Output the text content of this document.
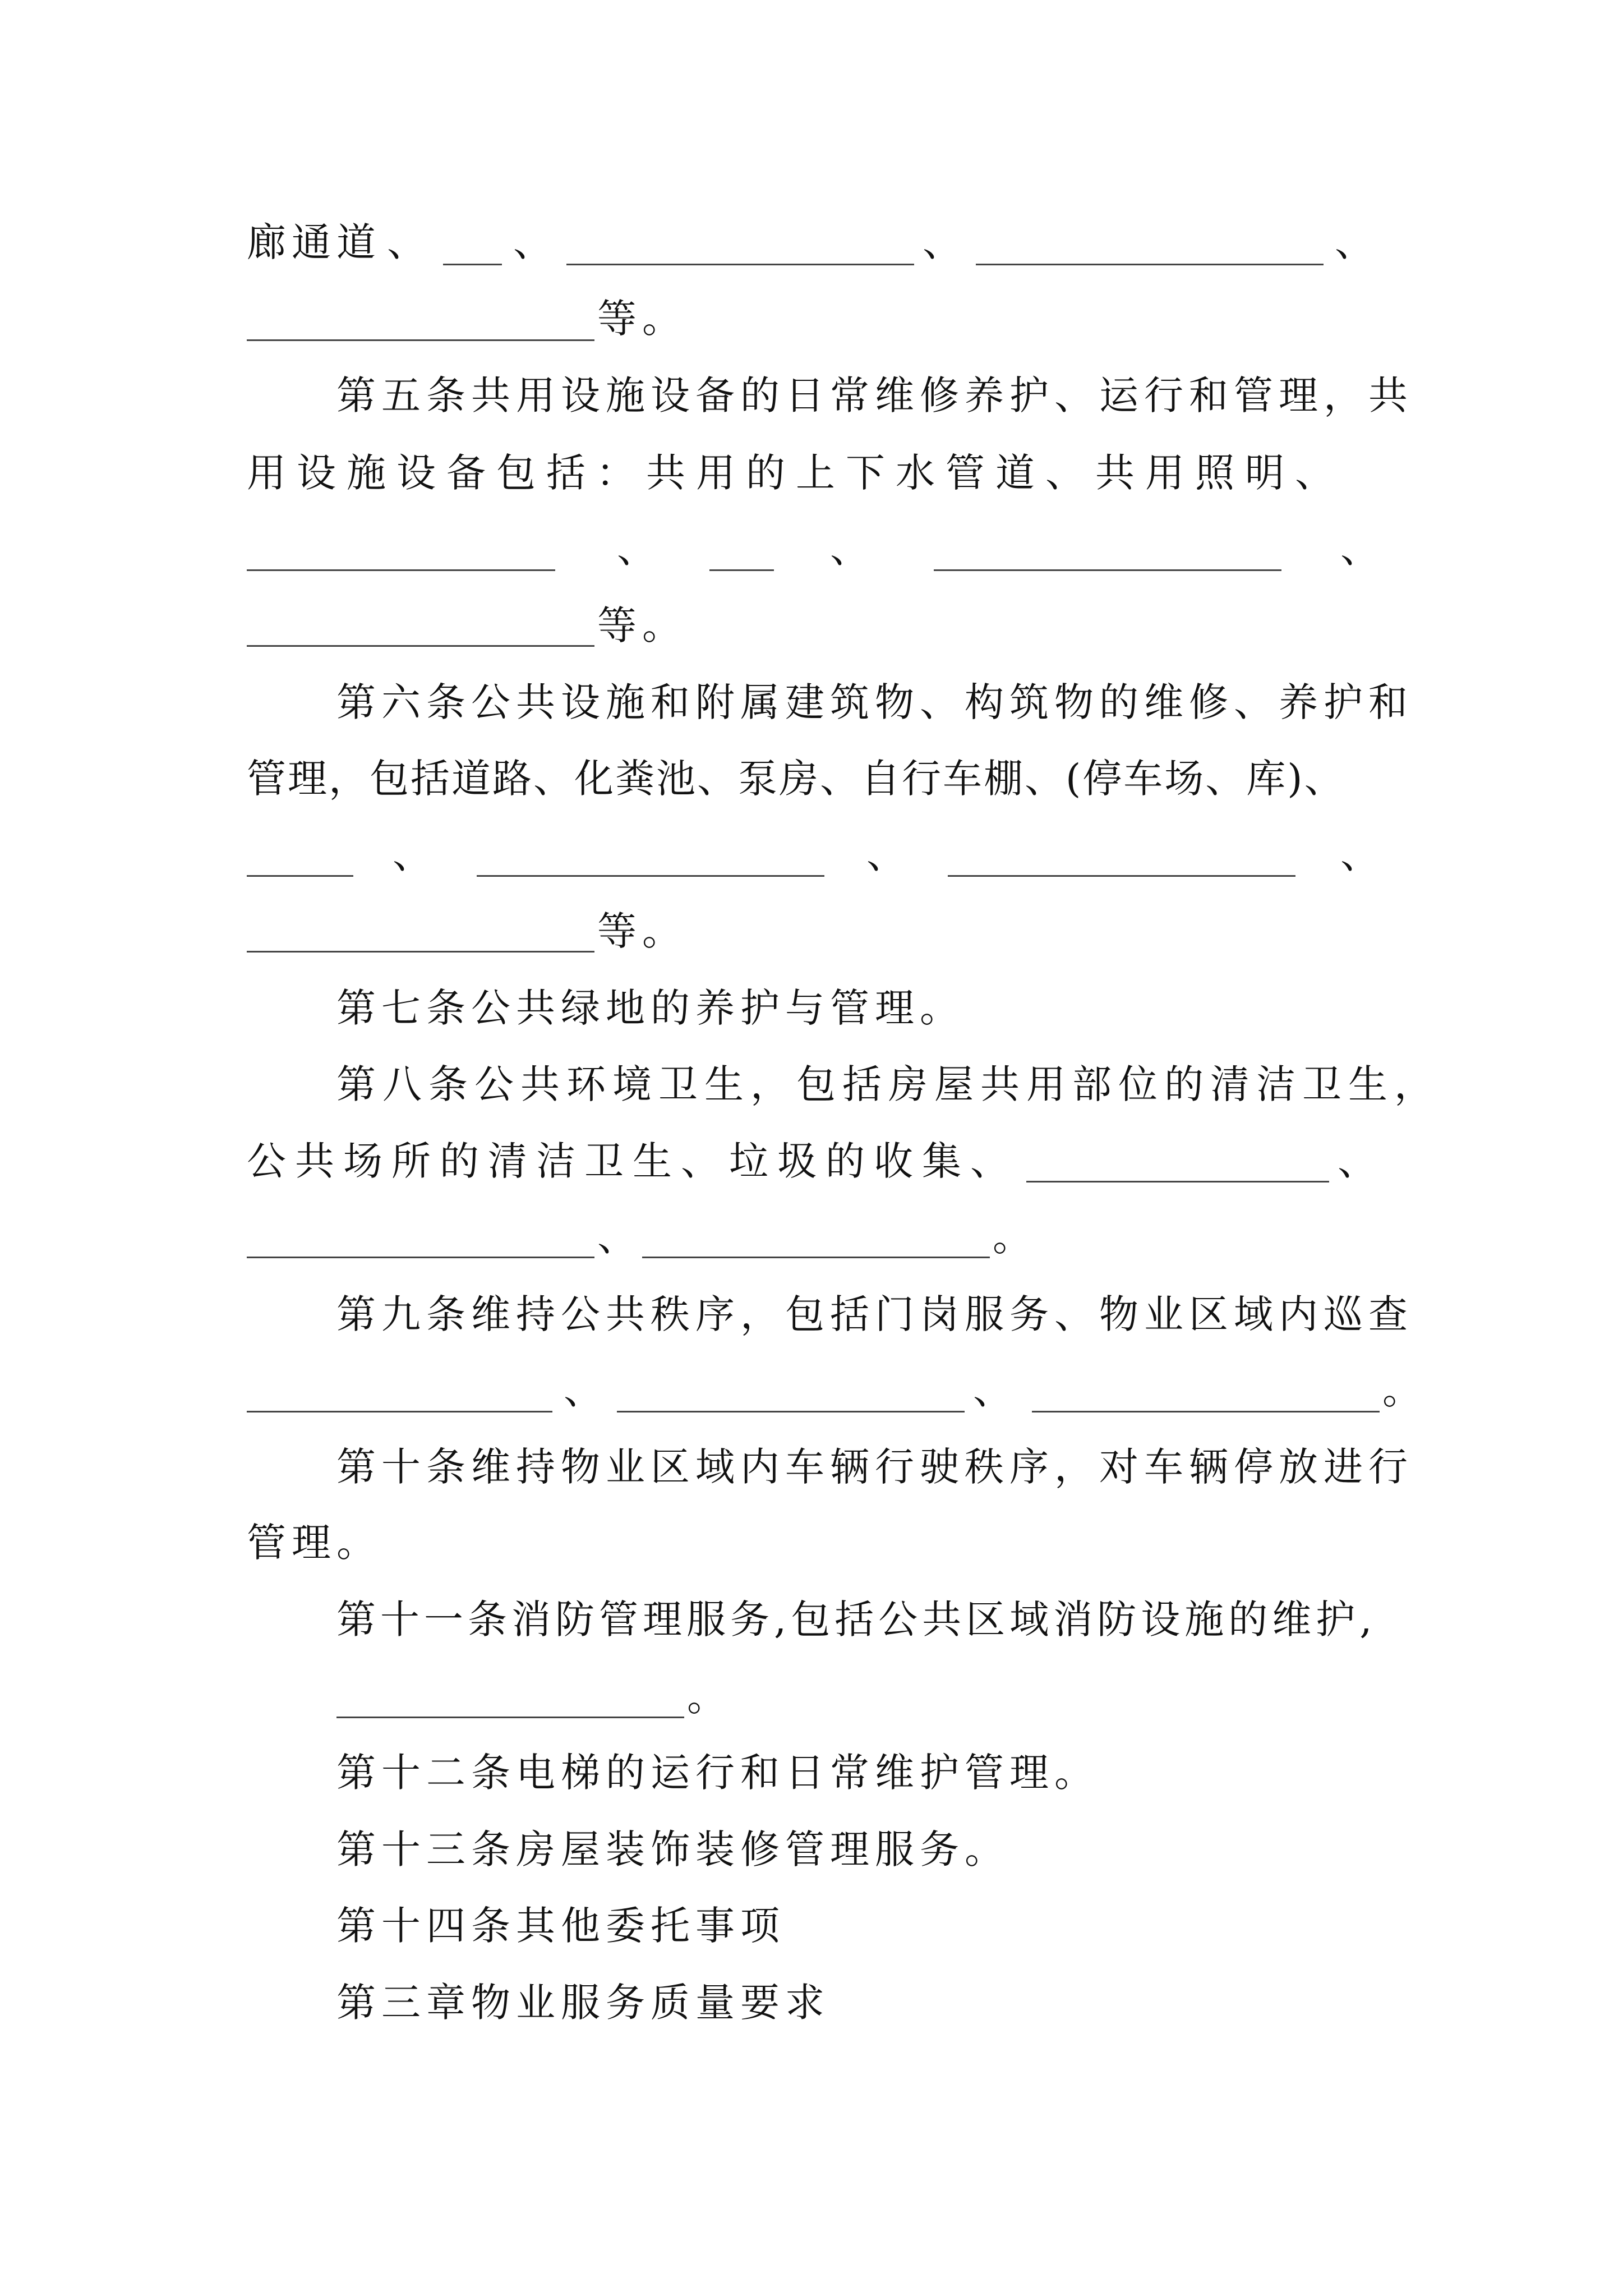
廊通道 、 、	、	、
等。
第五条共用设施设备的日常维修养护、运行和管理，共
用设施设备包括：共用的上下水管道、共用照明、
、	、	、
等。
第六条公共设施和附属建筑物、构筑物的维修、养护和
管理，包括道路、化粪池、泵房、自行车棚、(停车场、库)、
、	、	、
等。
第七条公共绿地的养护与管理。
第八条公共环境卫生，包括房屋共用部位的清洁卫生，
公共场所的清洁卫生、垃圾的收集、	、
、	。
第九条维持公共秩序，包括门岗服务、物业区域内巡查
、	、	。
第十条维持物业区域内车辆行驶秩序，对车辆停放进行
管理。
第十一条消防管理服务,包括公共区域消防设施的维护,
。
第十二条电梯的运行和日常维护管理。
第十三条房屋装饰装修管理服务。
第十四条其他委托事项
第三章物业服务质量要求
